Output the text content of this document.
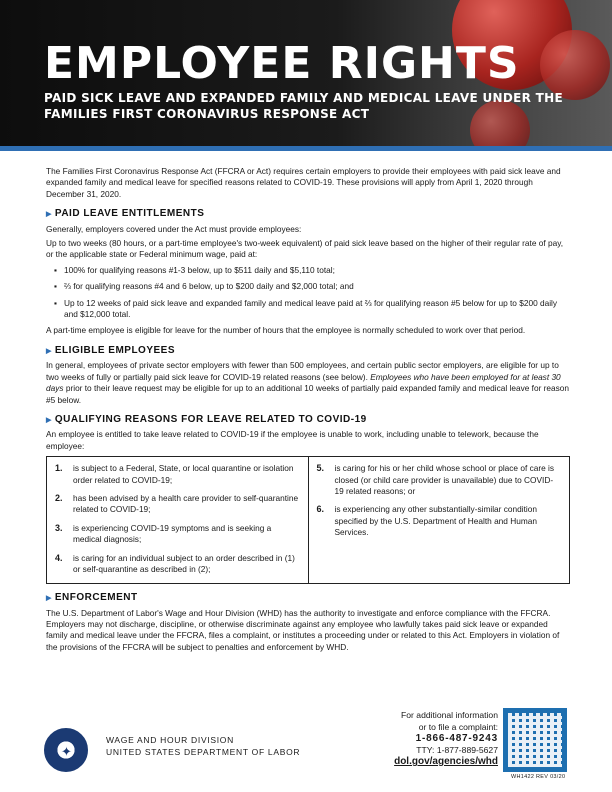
EMPLOYEE RIGHTS
PAID SICK LEAVE AND EXPANDED FAMILY AND MEDICAL LEAVE UNDER THE FAMILIES FIRST CORONAVIRUS RESPONSE ACT
The Families First Coronavirus Response Act (FFCRA or Act) requires certain employers to provide their employees with paid sick leave and expanded family and medical leave for specified reasons related to COVID-19. These provisions will apply from April 1, 2020 through December 31, 2020.
▶ PAID LEAVE ENTITLEMENTS
Generally, employers covered under the Act must provide employees:
Up to two weeks (80 hours, or a part-time employee's two-week equivalent) of paid sick leave based on the higher of their regular rate of pay, or the applicable state or Federal minimum wage, paid at:
▪ 100% for qualifying reasons #1-3 below, up to $511 daily and $5,110 total;
▪ ⅔ for qualifying reasons #4 and 6 below, up to $200 daily and $2,000 total; and
▪ Up to 12 weeks of paid sick leave and expanded family and medical leave paid at ⅔ for qualifying reason #5 below for up to $200 daily and $12,000 total.
A part-time employee is eligible for leave for the number of hours that the employee is normally scheduled to work over that period.
▶ ELIGIBLE EMPLOYEES
In general, employees of private sector employers with fewer than 500 employees, and certain public sector employers, are eligible for up to two weeks of fully or partially paid sick leave for COVID-19 related reasons (see below). Employees who have been employed for at least 30 days prior to their leave request may be eligible for up to an additional 10 weeks of partially paid expanded family and medical leave for reason #5 below.
▶ QUALIFYING REASONS FOR LEAVE RELATED TO COVID-19
An employee is entitled to take leave related to COVID-19 if the employee is unable to work, including unable to telework, because the employee:
1.	is subject to a Federal, State, or local quarantine or isolation order related to COVID-19;
2.	has been advised by a health care provider to self-quarantine related to COVID-19;
3.	is experiencing COVID-19 symptoms and is seeking a medical diagnosis;
4.	is caring for an individual subject to an order described in (1) or self-quarantine as described in (2);
5.	is caring for his or her child whose school or place of care is closed (or child care provider is unavailable) due to COVID-19 related reasons; or
6.	is experiencing any other substantially-similar condition specified by the U.S. Department of Health and Human Services.
▶ ENFORCEMENT
The U.S. Department of Labor's Wage and Hour Division (WHD) has the authority to investigate and enforce compliance with the FFCRA. Employers may not discharge, discipline, or otherwise discriminate against any employee who lawfully takes paid sick leave or expanded family and medical leave under the FFCRA, files a complaint, or institutes a proceeding under or related to this Act. Employers in violation of the provisions of the FFCRA will be subject to penalties and enforcement by WHD.
✦
WAGE AND HOUR DIVISION
UNITED STATES DEPARTMENT OF LABOR
For additional information
or to file a complaint:
1-866-487-9243
TTY: 1-877-889-5627
dol.gov/agencies/whd
WH1422 REV 03/20
